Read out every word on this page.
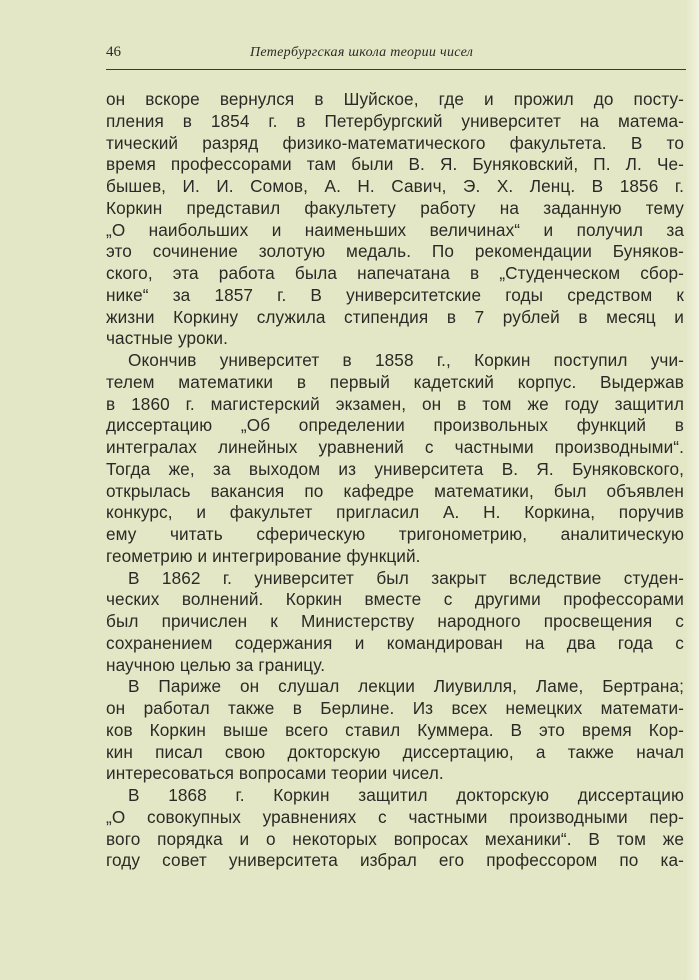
46	Петербургская школа теории чисел
он вскоре вернулся в Шуйское, где и прожил до посту-
пления в 1854 г. в Петербургский университет на матема-
тический разряд физико-математического факультета. В то
время профессорами там были В. Я. Буняковский, П. Л. Че-
бышев, И. И. Сомов, А. Н. Савич, Э. Х. Ленц. В 1856 г.
Коркин представил факультету работу на заданную тему
„О наибольших и наименьших величинах“ и получил за
это сочинение золотую медаль. По рекомендации Буняков-
ского, эта работа была напечатана в „Студенческом сбор-
нике“ за 1857 г. В университетские годы средством к
жизни Коркину служила стипендия в 7 рублей в месяц и
частные уроки.
Окончив университет в 1858 г., Коркин поступил учи-
телем математики в первый кадетский корпус. Выдержав
в 1860 г. магистерский экзамен, он в том же году защитил
диссертацию „Об определении произвольных функций в
интегралах линейных уравнений с частными производными“.
Тогда же, за выходом из университета В. Я. Буняковского,
открылась вакансия по кафедре математики, был объявлен
конкурс, и факультет пригласил А. Н. Коркина, поручив
ему читать сферическую тригонометрию, аналитическую
геометрию и интегрирование функций.
В 1862 г. университет был закрыт вследствие студен-
ческих волнений. Коркин вместе с другими профессорами
был причислен к Министерству народного просвещения с
сохранением содержания и командирован на два года с
научною целью за границу.
В Париже он слушал лекции Лиувилля, Ламе, Бертрана;
он работал также в Берлине. Из всех немецких математи-
ков Коркин выше всего ставил Куммера. В это время Кор-
кин писал свою докторскую диссертацию, а также начал
интересоваться вопросами теории чисел.
В 1868 г. Коркин защитил докторскую диссертацию
„О совокупных уравнениях с частными производными пер-
вого порядка и о некоторых вопросах механики“. В том же
году совет университета избрал его профессором по ка-
